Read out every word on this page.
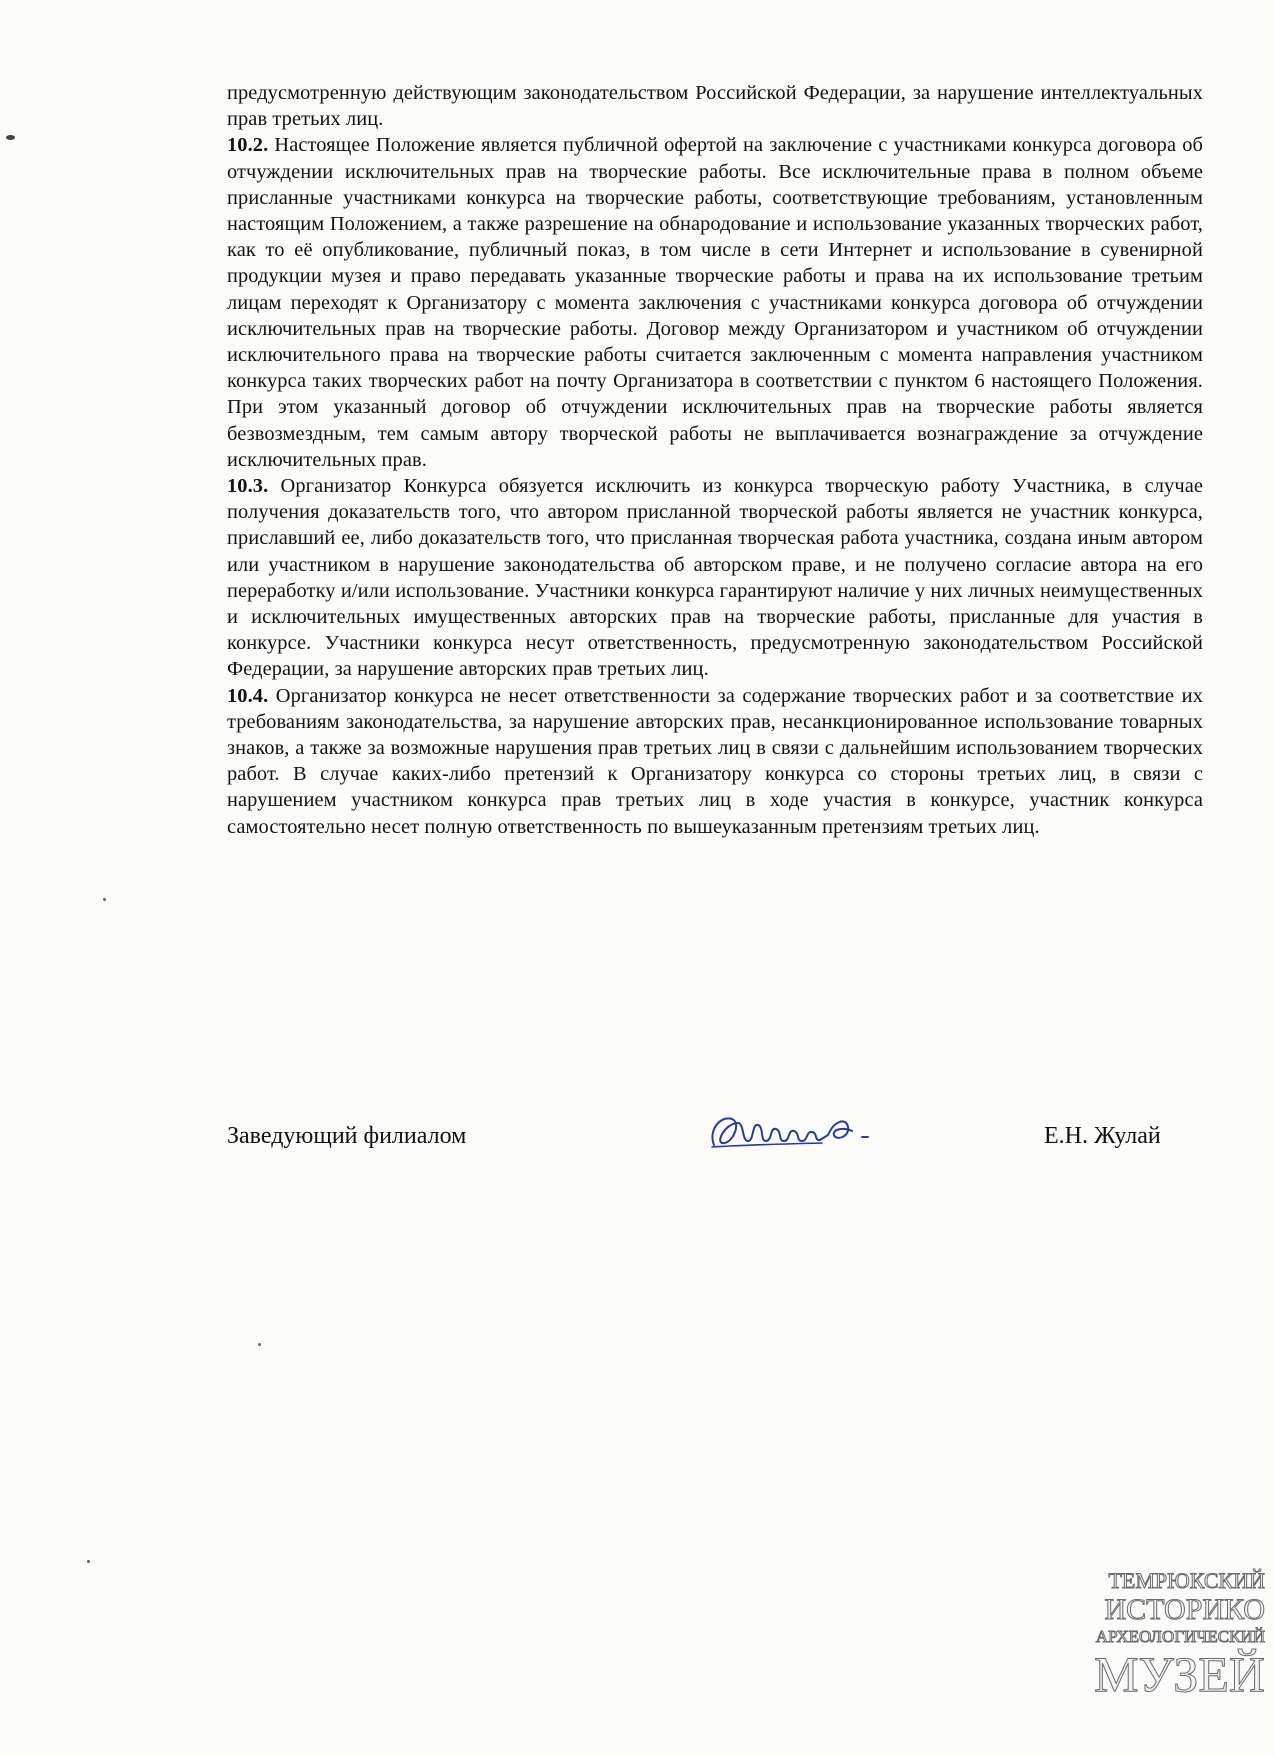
предусмотренную действующим законодательством Российской Федерации, за нарушение интеллектуальных прав третьих лиц.

10.2. Настоящее Положение является публичной офертой на заключение с участниками конкурса договора об отчуждении исключительных прав на творческие работы. Все исключительные права в полном объеме присланные участниками конкурса на творческие работы, соответствующие требованиям, установленным настоящим Положением, а также разрешение на обнародование и использование указанных творческих работ, как то её опубликование, публичный показ, в том числе в сети Интернет и использование в сувенирной продукции музея и право передавать указанные творческие работы и права на их использование третьим лицам переходят к Организатору с момента заключения с участниками конкурса договора об отчуждении исключительных прав на творческие работы. Договор между Организатором и участником об отчуждении исключительного права на творческие работы считается заключенным с момента направления участником конкурса таких творческих работ на почту Организатора в соответствии с пунктом 6 настоящего Положения. При этом указанный договор об отчуждении исключительных прав на творческие работы является безвозмездным, тем самым автору творческой работы не выплачивается вознаграждение за отчуждение исключительных прав.

10.3. Организатор Конкурса обязуется исключить из конкурса творческую работу Участника, в случае получения доказательств того, что автором присланной творческой работы является не участник конкурса, приславший ее, либо доказательств того, что присланная творческая работа участника, создана иным автором или участником в нарушение законодательства об авторском праве, и не получено согласие автора на его переработку и/или использование. Участники конкурса гарантируют наличие у них личных неимущественных и исключительных имущественных авторских прав на творческие работы, присланные для участия в конкурсе. Участники конкурса несут ответственность, предусмотренную законодательством Российской Федерации, за нарушение авторских прав третьих лиц.

10.4. Организатор конкурса не несет ответственности за содержание творческих работ и за соответствие их требованиям законодательства, за нарушение авторских прав, несанкционированное использование товарных знаков, а также за возможные нарушения прав третьих лиц в связи с дальнейшим использованием творческих работ. В случае каких-либо претензий к Организатору конкурса со стороны третьих лиц, в связи с нарушением участником конкурса прав третьих лиц в ходе участия в конкурсе, участник конкурса самостоятельно несет полную ответственность по вышеуказанным претензиям третьих лиц.

Заведующий филиалом	Е.Н. Жулай
ТЕМРЮКСКИЙ
ИСТОРИКО
АРХЕОЛОГИЧЕСКИЙ
МУЗЕЙ
